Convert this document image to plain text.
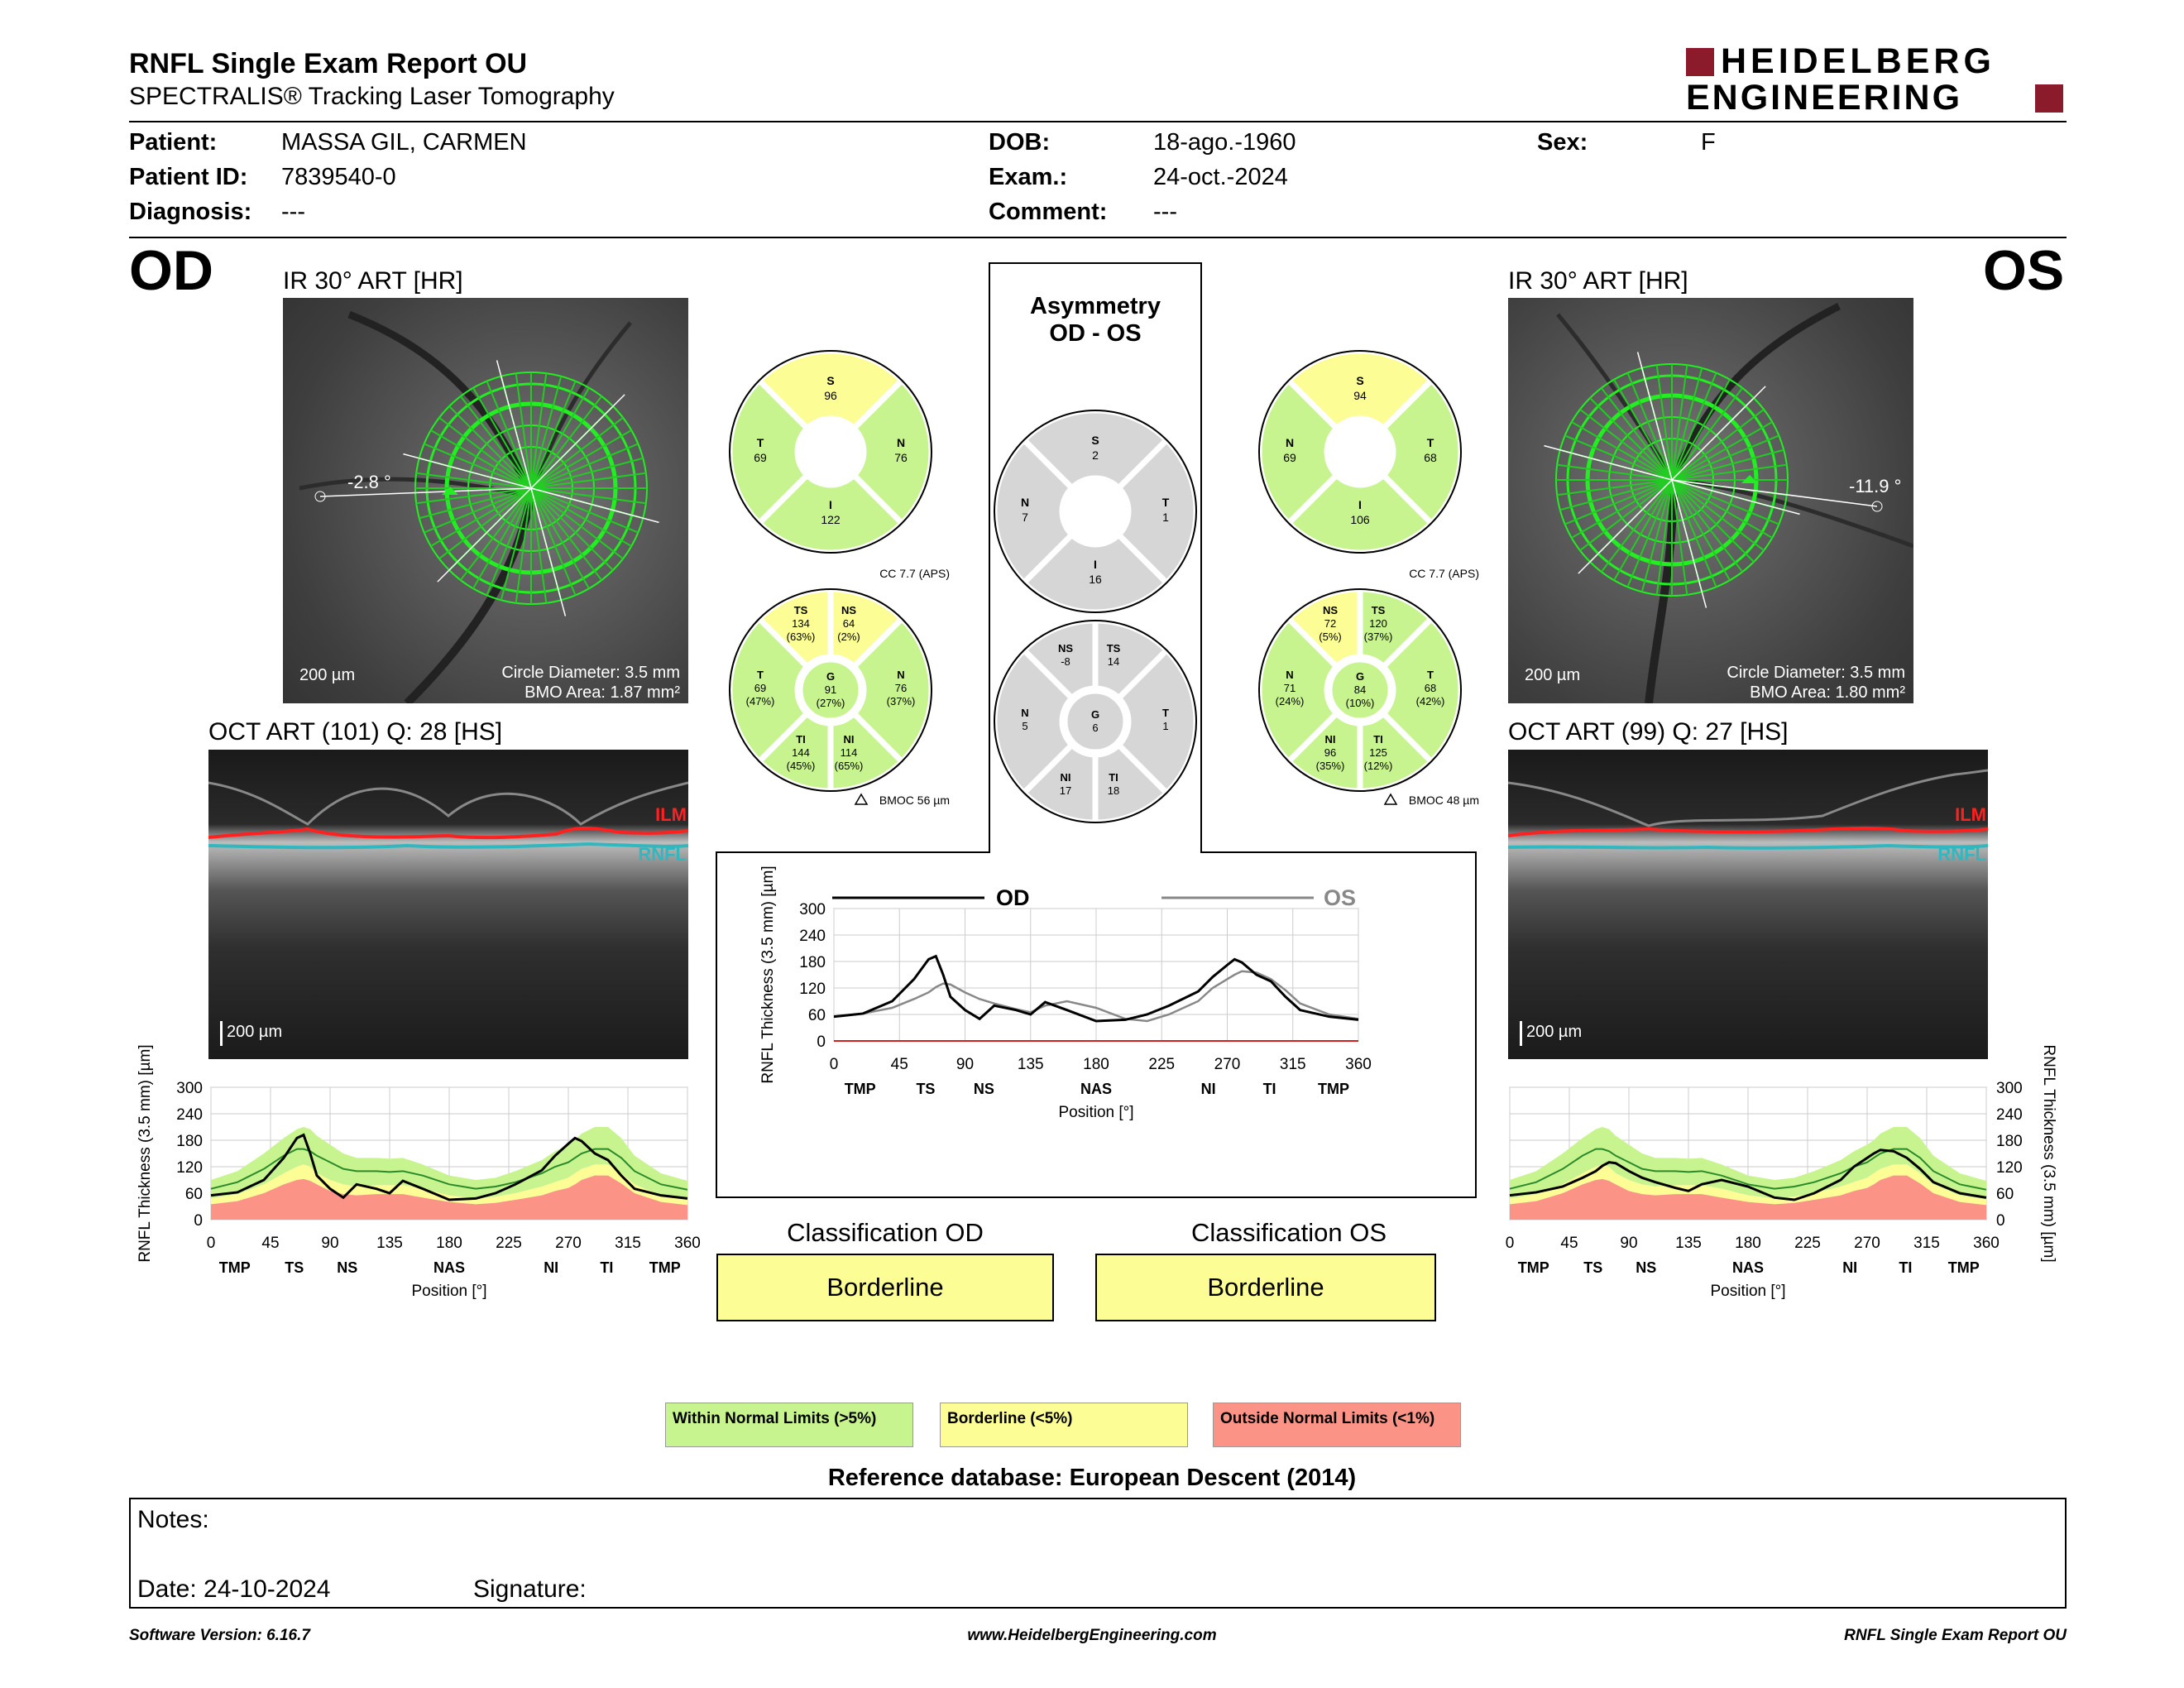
RNFL Single Exam Report OU
SPECTRALIS® Tracking Laser Tomography
HEIDELBERG
ENGINEERING
Patient:	MASSA GIL, CARMEN
Patient ID: 7839540-0
Diagnosis: ---
DOB:	18-ago.-1960
Exam.:	24-oct.-2024
Comment: ---
Sex:	F
OD	OS
IR 30° ART [HR]	IR 30° ART [HR]
-2.8 °
200 µm	Circle Diameter: 3.5 mm
BMO Area: 1.87 mm²
-11.9 °
200 µm	Circle Diameter: 3.5 mm
BMO Area: 1.80 mm²
OCT ART (101) Q: 28 [HS]	OCT ART (99) Q: 27 [HS]
ILM
RNFL
200 µm
ILM
RNFL
200 µm
Asymmetry
OD - OS
Classification OD
Borderline
Classification OS
Borderline
Within Normal Limits (>5%)	Borderline (<5%)	Outside Normal Limits (<1%)
Reference database: European Descent (2014)
Notes:
Date: 24-10-2024	Signature:
Software Version: 6.16.7	www.HeidelbergEngineering.com	RNFL Single Exam Report OU
S
96
T
69
I
122
N
76
S
94
N
69
I
106
T
68
S
2
N
7
I
16
T
1
NS
64
(2%)
TS
134
(63%)
T
69
(47%)
TI
144
(45%)
NI
114
(65%)
N
76
(37%)
G
91
(27%)
CC 7.7 (APS)
BMOC 56 µm
TS
120
(37%)
NS
72
(5%)
N
71
(24%)
NI
96
(35%)
TI
125
(12%)
T
68
(42%)
G
84
(10%)
CC 7.7 (APS)
BMOC 48 µm
TS
14
NS
-8
N
5
NI
17
TI
18
T
1
G
6
0
60
120
180
240
300
0	45	90 135 180 225 270 315 360
TMP TS NS	NAS	NI	TI TMP
Position [°]
RNFL Thickness (3.5 mm) [µm]	0
60
120
180
240
300
0	45	90 135 180 225 270 315 360
TMP TS NS	NAS	NI	TI TMP
Position [°]
RNFL Thickness (3.5 mm) [µm]
0
60
120
180
240
300
0	45	90	135	180	225	270	315	360
TMP	TS	NS	NAS	NI	TI	TMP
Position [°]
RNFL Thickness (3.5 mm) [µm]	OD	OS
